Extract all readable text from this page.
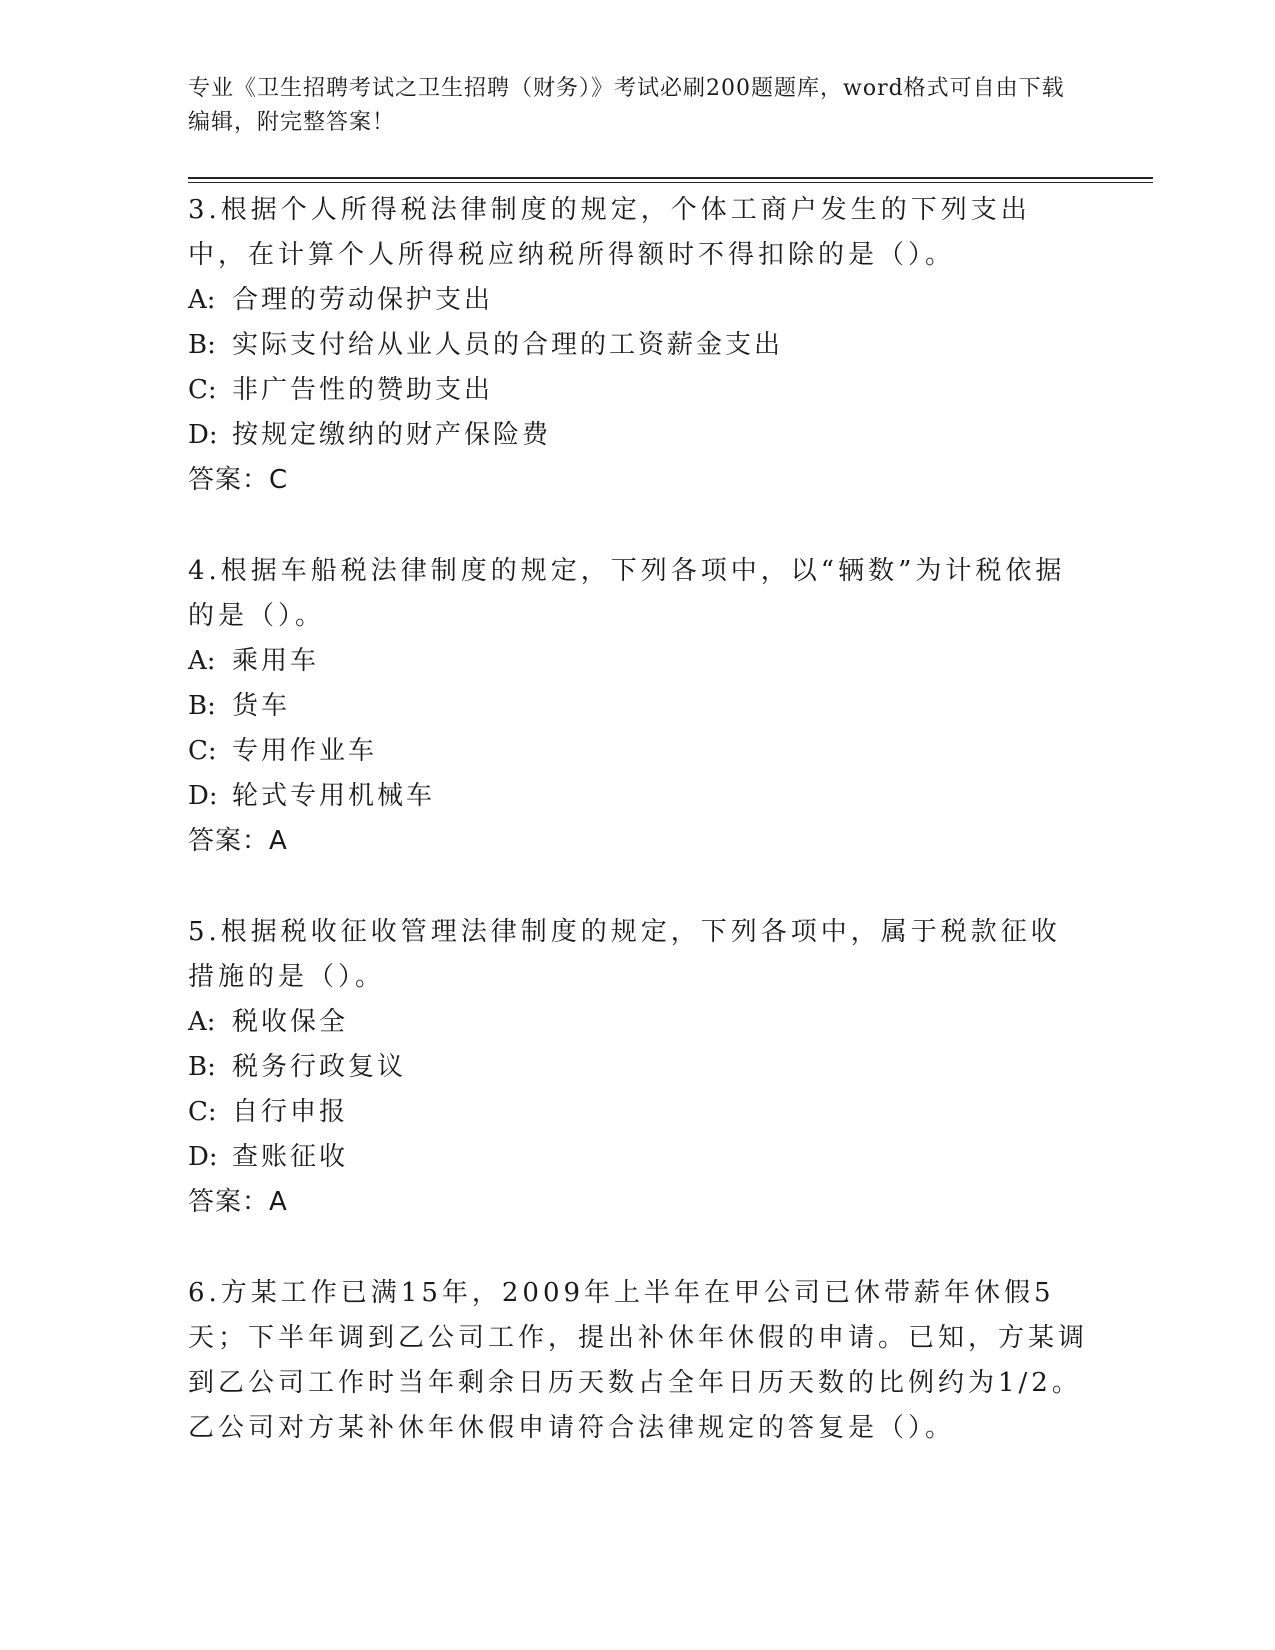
专业《卫生招聘考试之卫生招聘（财务）》考试必刷200题题库，word格式可自由下载编辑，附完整答案！

3.根据个人所得税法律制度的规定，个体工商户发生的下列支出中，在计算个人所得税应纳税所得额时不得扣除的是（）。

A: 合理的劳动保护支出

B: 实际支付给从业人员的合理的工资薪金支出

C: 非广告性的赞助支出

D: 按规定缴纳的财产保险费

答案：C

4.根据车船税法律制度的规定，下列各项中，以“辆数”为计税依据的是（）。

A: 乘用车

B: 货车

C: 专用作业车

D: 轮式专用机械车

答案：A

5.根据税收征收管理法律制度的规定，下列各项中，属于税款征收措施的是（）。

A: 税收保全

B: 税务行政复议

C: 自行申报

D: 查账征收

答案：A

6.方某工作已满15年，2009年上半年在甲公司已休带薪年休假5天；下半年调到乙公司工作，提出补休年休假的申请。已知，方某调到乙公司工作时当年剩余日历天数占全年日历天数的比例约为1/2。乙公司对方某补休年休假申请符合法律规定的答复是（）。
